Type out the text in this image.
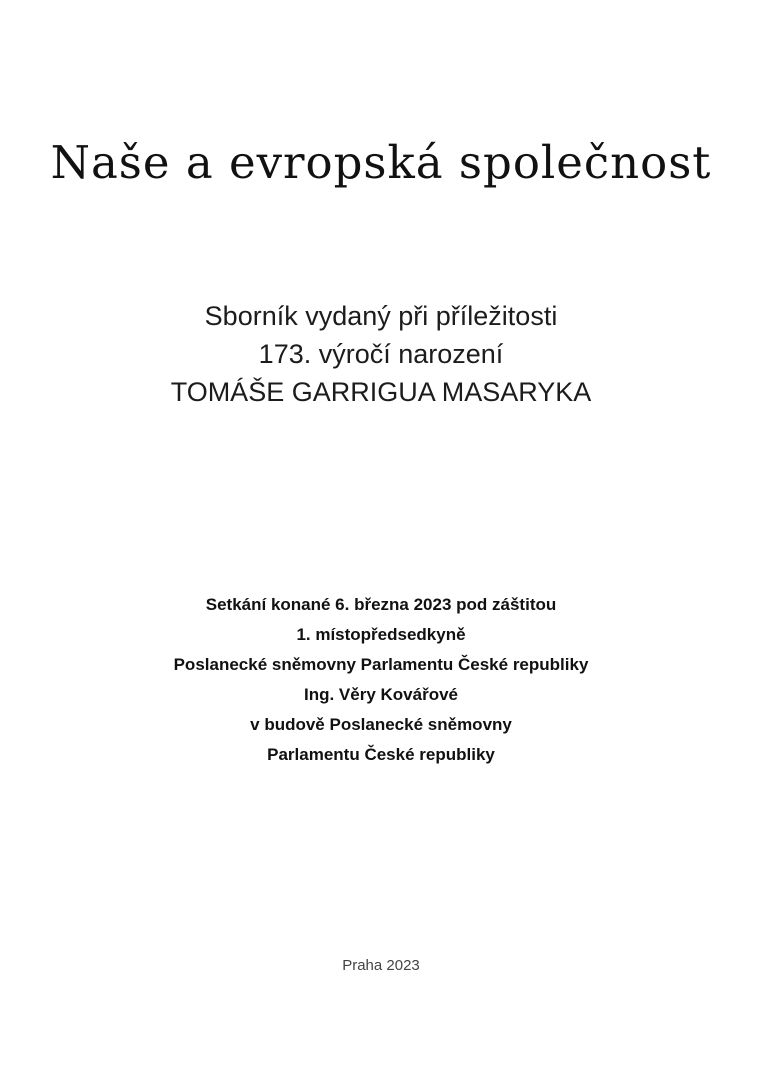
Naše a evropská společnost
Sborník vydaný při příležitosti
173. výročí narození
TOMÁŠE GARRIGUA MASARYKA
Setkání konané 6. března 2023 pod záštitou
1. místopředsedkyně
Poslanecké sněmovny Parlamentu České republiky
Ing. Věry Kovářové
v budově Poslanecké sněmovny
Parlamentu České republiky
Praha 2023
